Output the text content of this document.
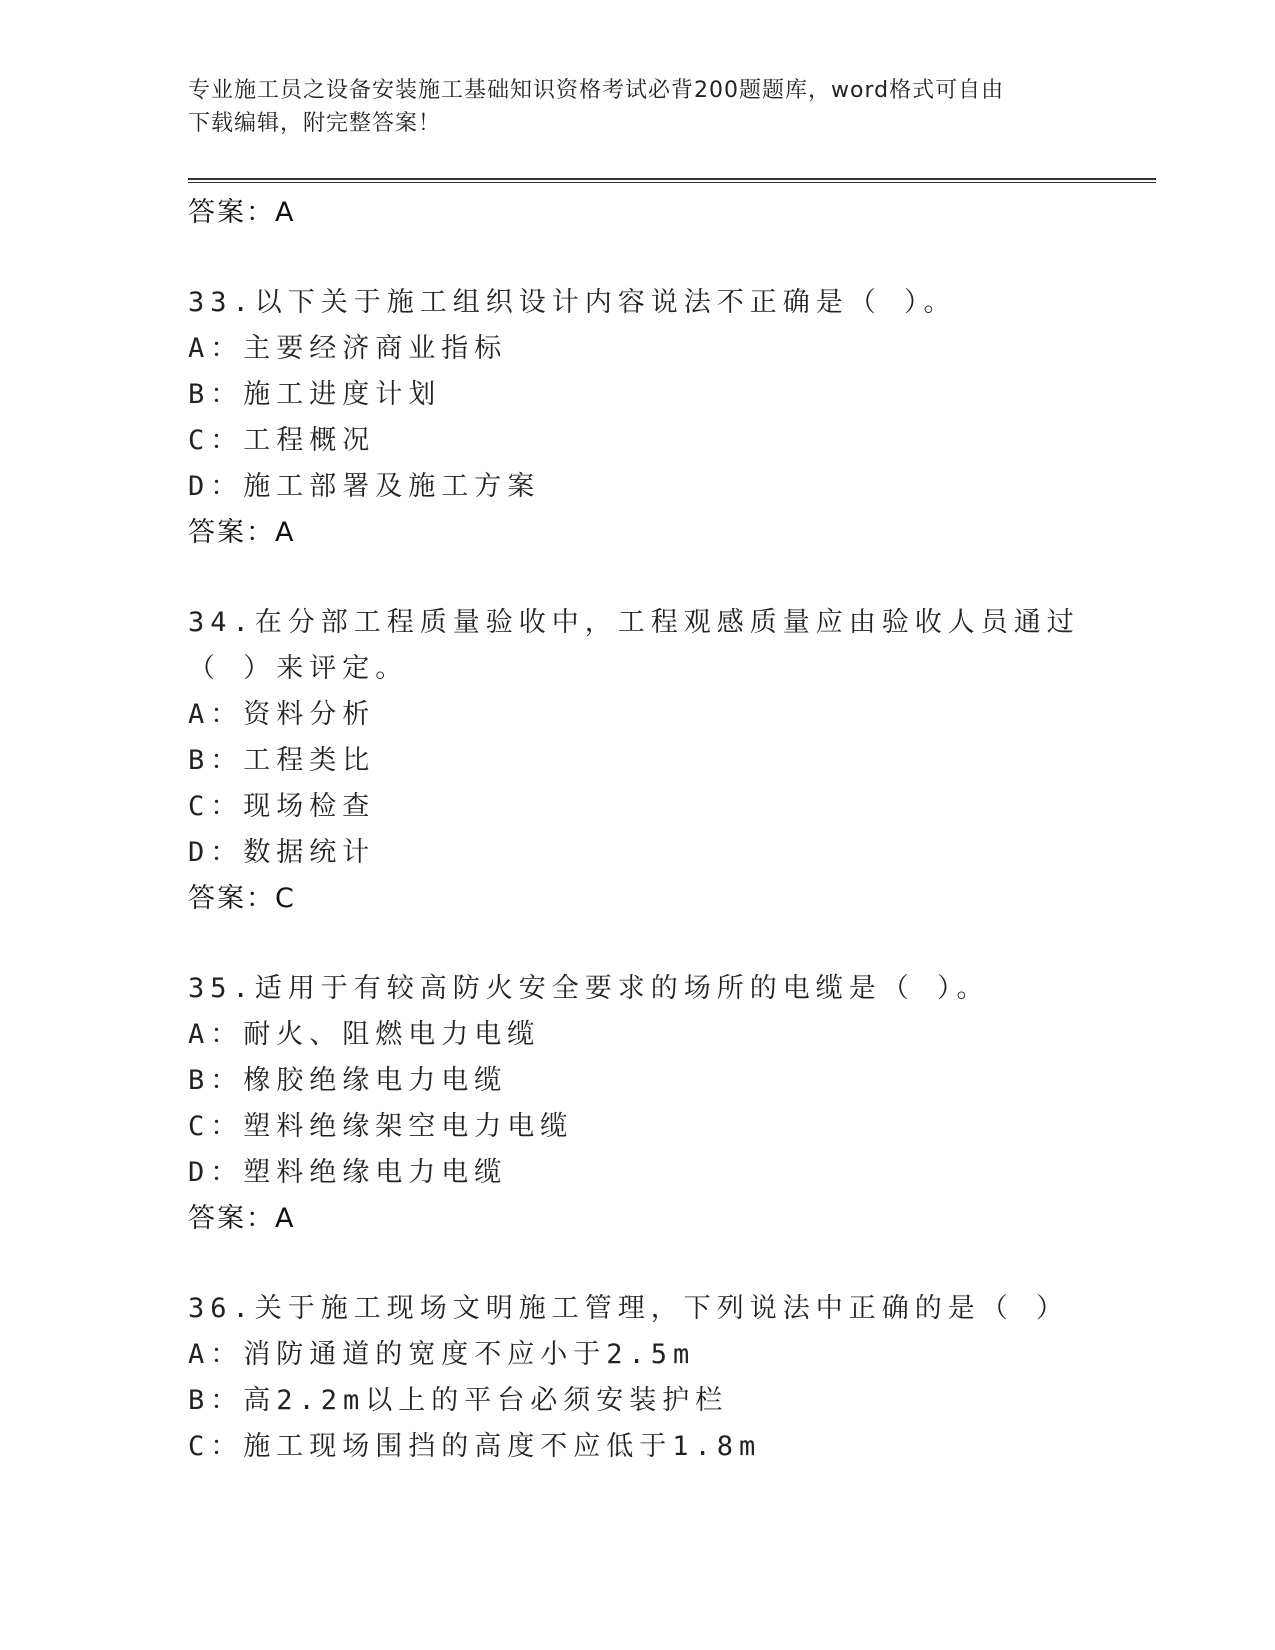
专业施工员之设备安装施工基础知识资格考试必背200题题库，word格式可自由
下载编辑，附完整答案！
答案：A
33.以下关于施工组织设计内容说法不正确是（ ）。
A：主要经济商业指标
B：施工进度计划
C：工程概况
D：施工部署及施工方案
答案：A
34.在分部工程质量验收中，工程观感质量应由验收人员通过（ ）来评定。
A：资料分析
B：工程类比
C：现场检查
D：数据统计
答案：C
35.适用于有较高防火安全要求的场所的电缆是（ ）。
A：耐火、阻燃电力电缆
B：橡胶绝缘电力电缆
C：塑料绝缘架空电力电缆
D：塑料绝缘电力电缆
答案：A
36.关于施工现场文明施工管理，下列说法中正确的是（ ）
A：消防通道的宽度不应小于2.5m
B：高2.2m以上的平台必须安装护栏
C：施工现场围挡的高度不应低于1.8m
